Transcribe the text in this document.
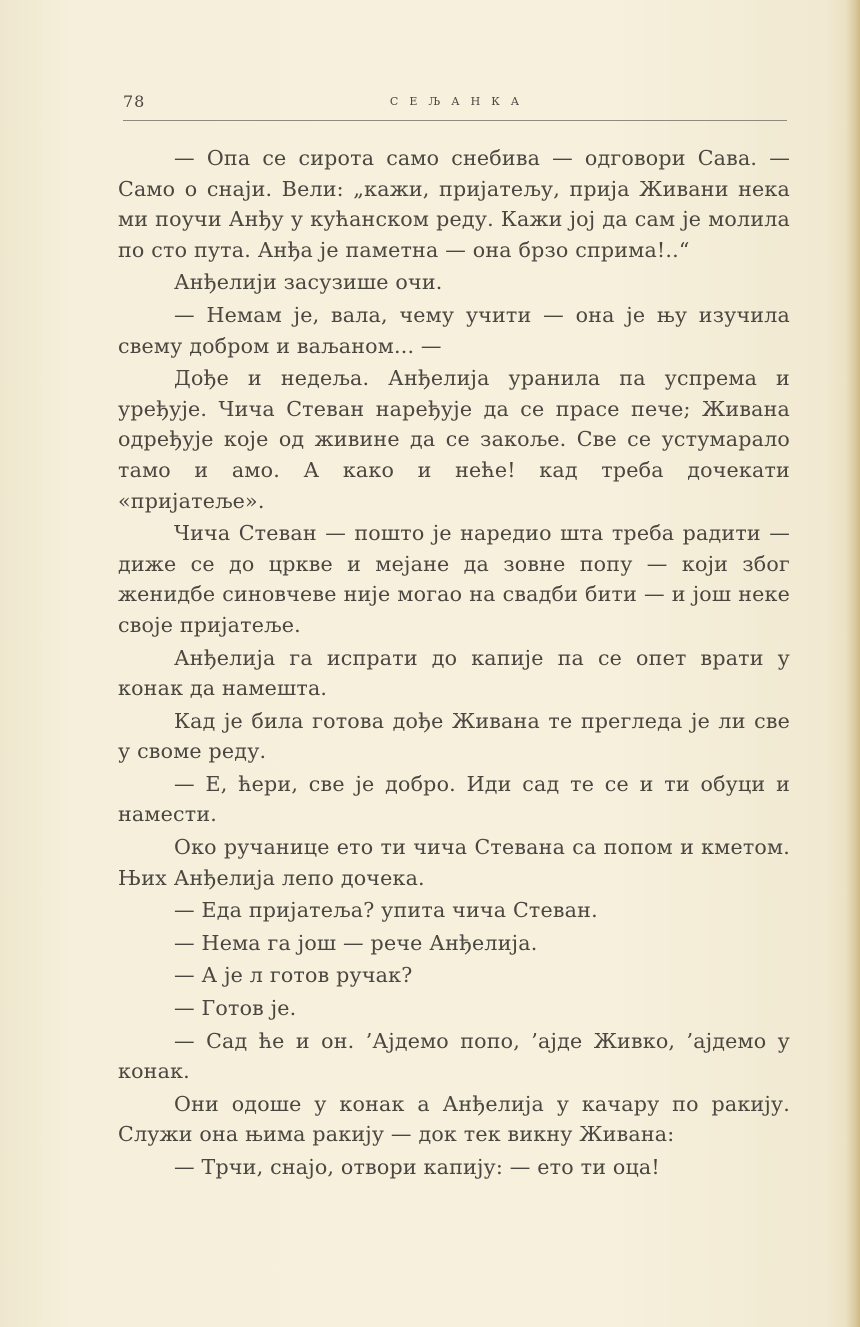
78	СЕЉАНКА

— Опа се сирота само снебива — одговори Сава. — Само о снаји. Вели: „кажи, пријатељу, прија Живани нека ми поучи Анђу у кућанском реду. Кажи јој да сам је молила по сто пута. Анђа је паметна — она брзо сприма!..“

Анђелији засузише очи.

— Немам је, вала, чему учити — она је њу изучила свему добром и ваљаном... —

Дође и недеља. Анђелија уранила па успрема и уређује. Чича Стеван наређује да се прасе пече; Живана одређује које од живине да се закоље. Све се устумарало тамо и амо. А како и неће! кад треба дочекати «пријатеље».

Чича Стеван — пошто је наредио шта треба радити — диже се до цркве и мејане да зовне попу — који због женидбе синовчеве није могао на свадби бити — и још неке своје пријатеље.

Анђелија га испрати до капије па се опет врати у конак да намешта.

Кад је била готова дође Живана те прегледа је ли све у своме реду.

— Е, ћери, све је добро. Иди сад те се и ти обуци и намести.

Око ручанице ето ти чича Стевана са попом и кметом. Њих Анђелија лепо дочека.

— Еда пријатеља? упита чича Стеван.

— Нема га још — рече Анђелија.

— А је л готов ручак?

— Готов је.

— Сад ће и он. ’Ајдемо попо, ’ајде Живко, ’ајдемо у конак.

Они одоше у конак а Анђелија у качару по ракију. Служи она њима ракију — док тек викну Живана:

— Трчи, снајо, отвори капију: — ето ти оца!
